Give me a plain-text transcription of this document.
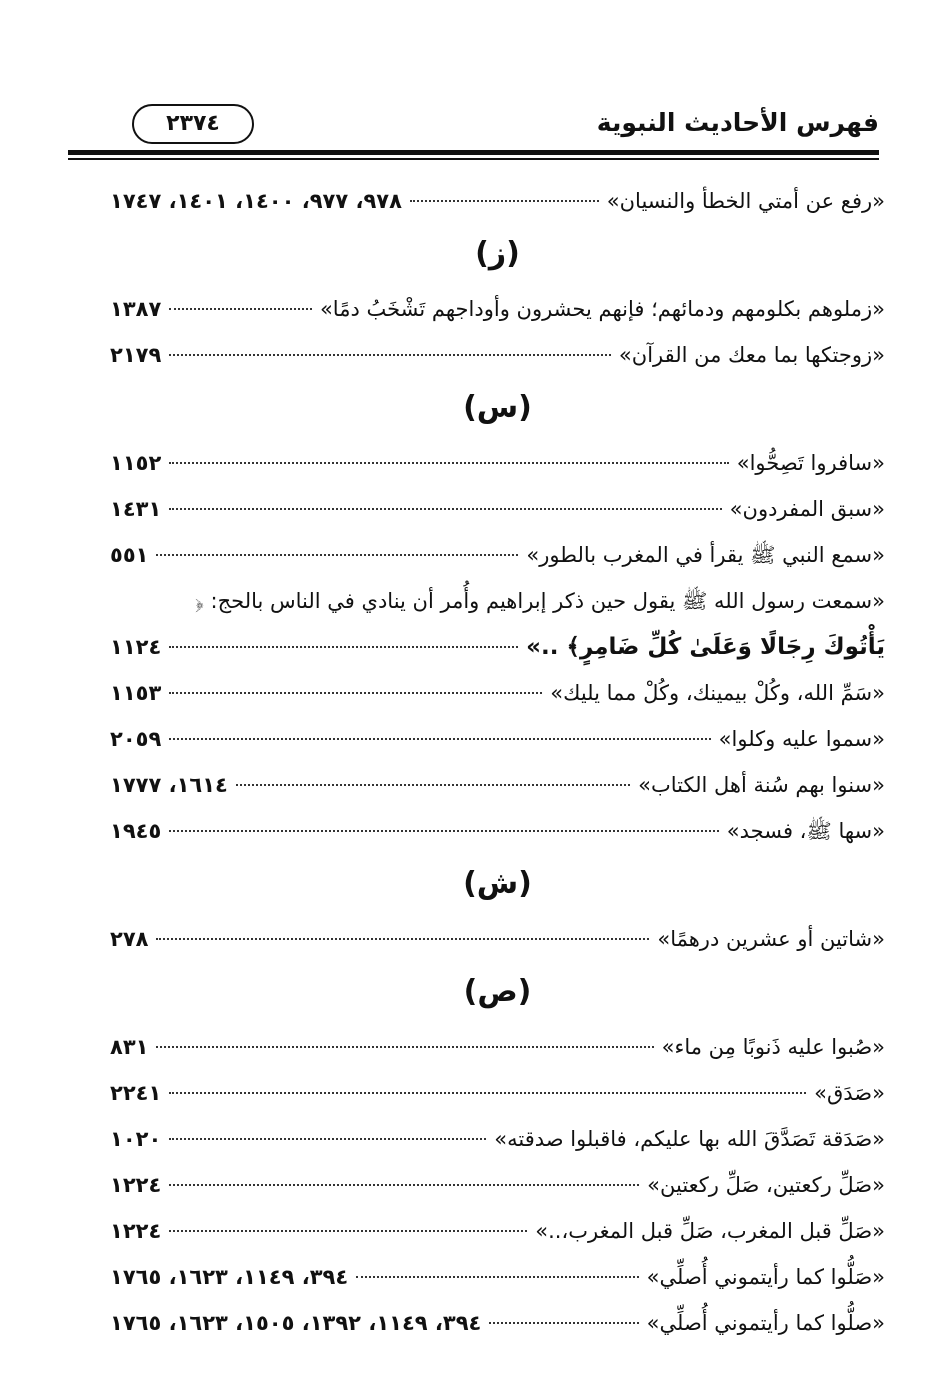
فهرس الأحاديث النبوية
٢٣٧٤
«رفع عن أمتي الخطأ والنسيان»
٩٧٨، ٩٧٧، ١٤٠٠، ١٤٠١، ١٧٤٧
(ز)
«زملوهم بكلومهم ودمائهم؛ فإنهم يحشرون وأوداجهم تَشْخَبُ دمًا»
١٣٨٧
«زوجتكها بما معك من القرآن»
٢١٧٩
(س)
«سافروا تَصِحُّوا»
١١٥٢
«سبق المفردون»
١٤٣١
«سمع النبي ﷺ يقرأ في المغرب بالطور»
٥٥١
«سمعت رسول الله ﷺ يقول حين ذكر إبراهيم وأُمر أن ينادي في الناس بالحج: ﴿
يَأْتُوكَ رِجَالًا وَعَلَىٰ كُلِّ ضَامِرٍ﴾ ..»
١١٢٤
«سَمِّ الله، وكُلْ بيمينك، وكُلْ مما يليك»
١١٥٣
«سموا عليه وكلوا»
٢٠٥٩
«سنوا بهم سُنة أهل الكتاب»
١٦١٤، ١٧٧٧
«سها ﷺ، فسجد»
١٩٤٥
(ش)
«شاتين أو عشرين درهمًا»
٢٧٨
(ص)
«صُبوا عليه ذَنوبًا مِن ماء»
٨٣١
«صَدَق»
٢٢٤١
«صَدَقة تَصَدَّقَ الله بها عليكم، فاقبلوا صدقته»
١٠٢٠
«صَلِّ ركعتين، صَلِّ ركعتين»
١٢٢٤
«صَلِّ قبل المغرب، صَلِّ قبل المغرب،..»
١٢٢٤
«صَلُّوا كما رأيتموني أُصلِّي»
٣٩٤، ١١٤٩، ١٦٢٣، ١٧٦٥
«صلُّوا كما رأيتموني أُصلِّي»
٣٩٤، ١١٤٩، ١٣٩٢، ١٥٠٥، ١٦٢٣، ١٧٦٥
